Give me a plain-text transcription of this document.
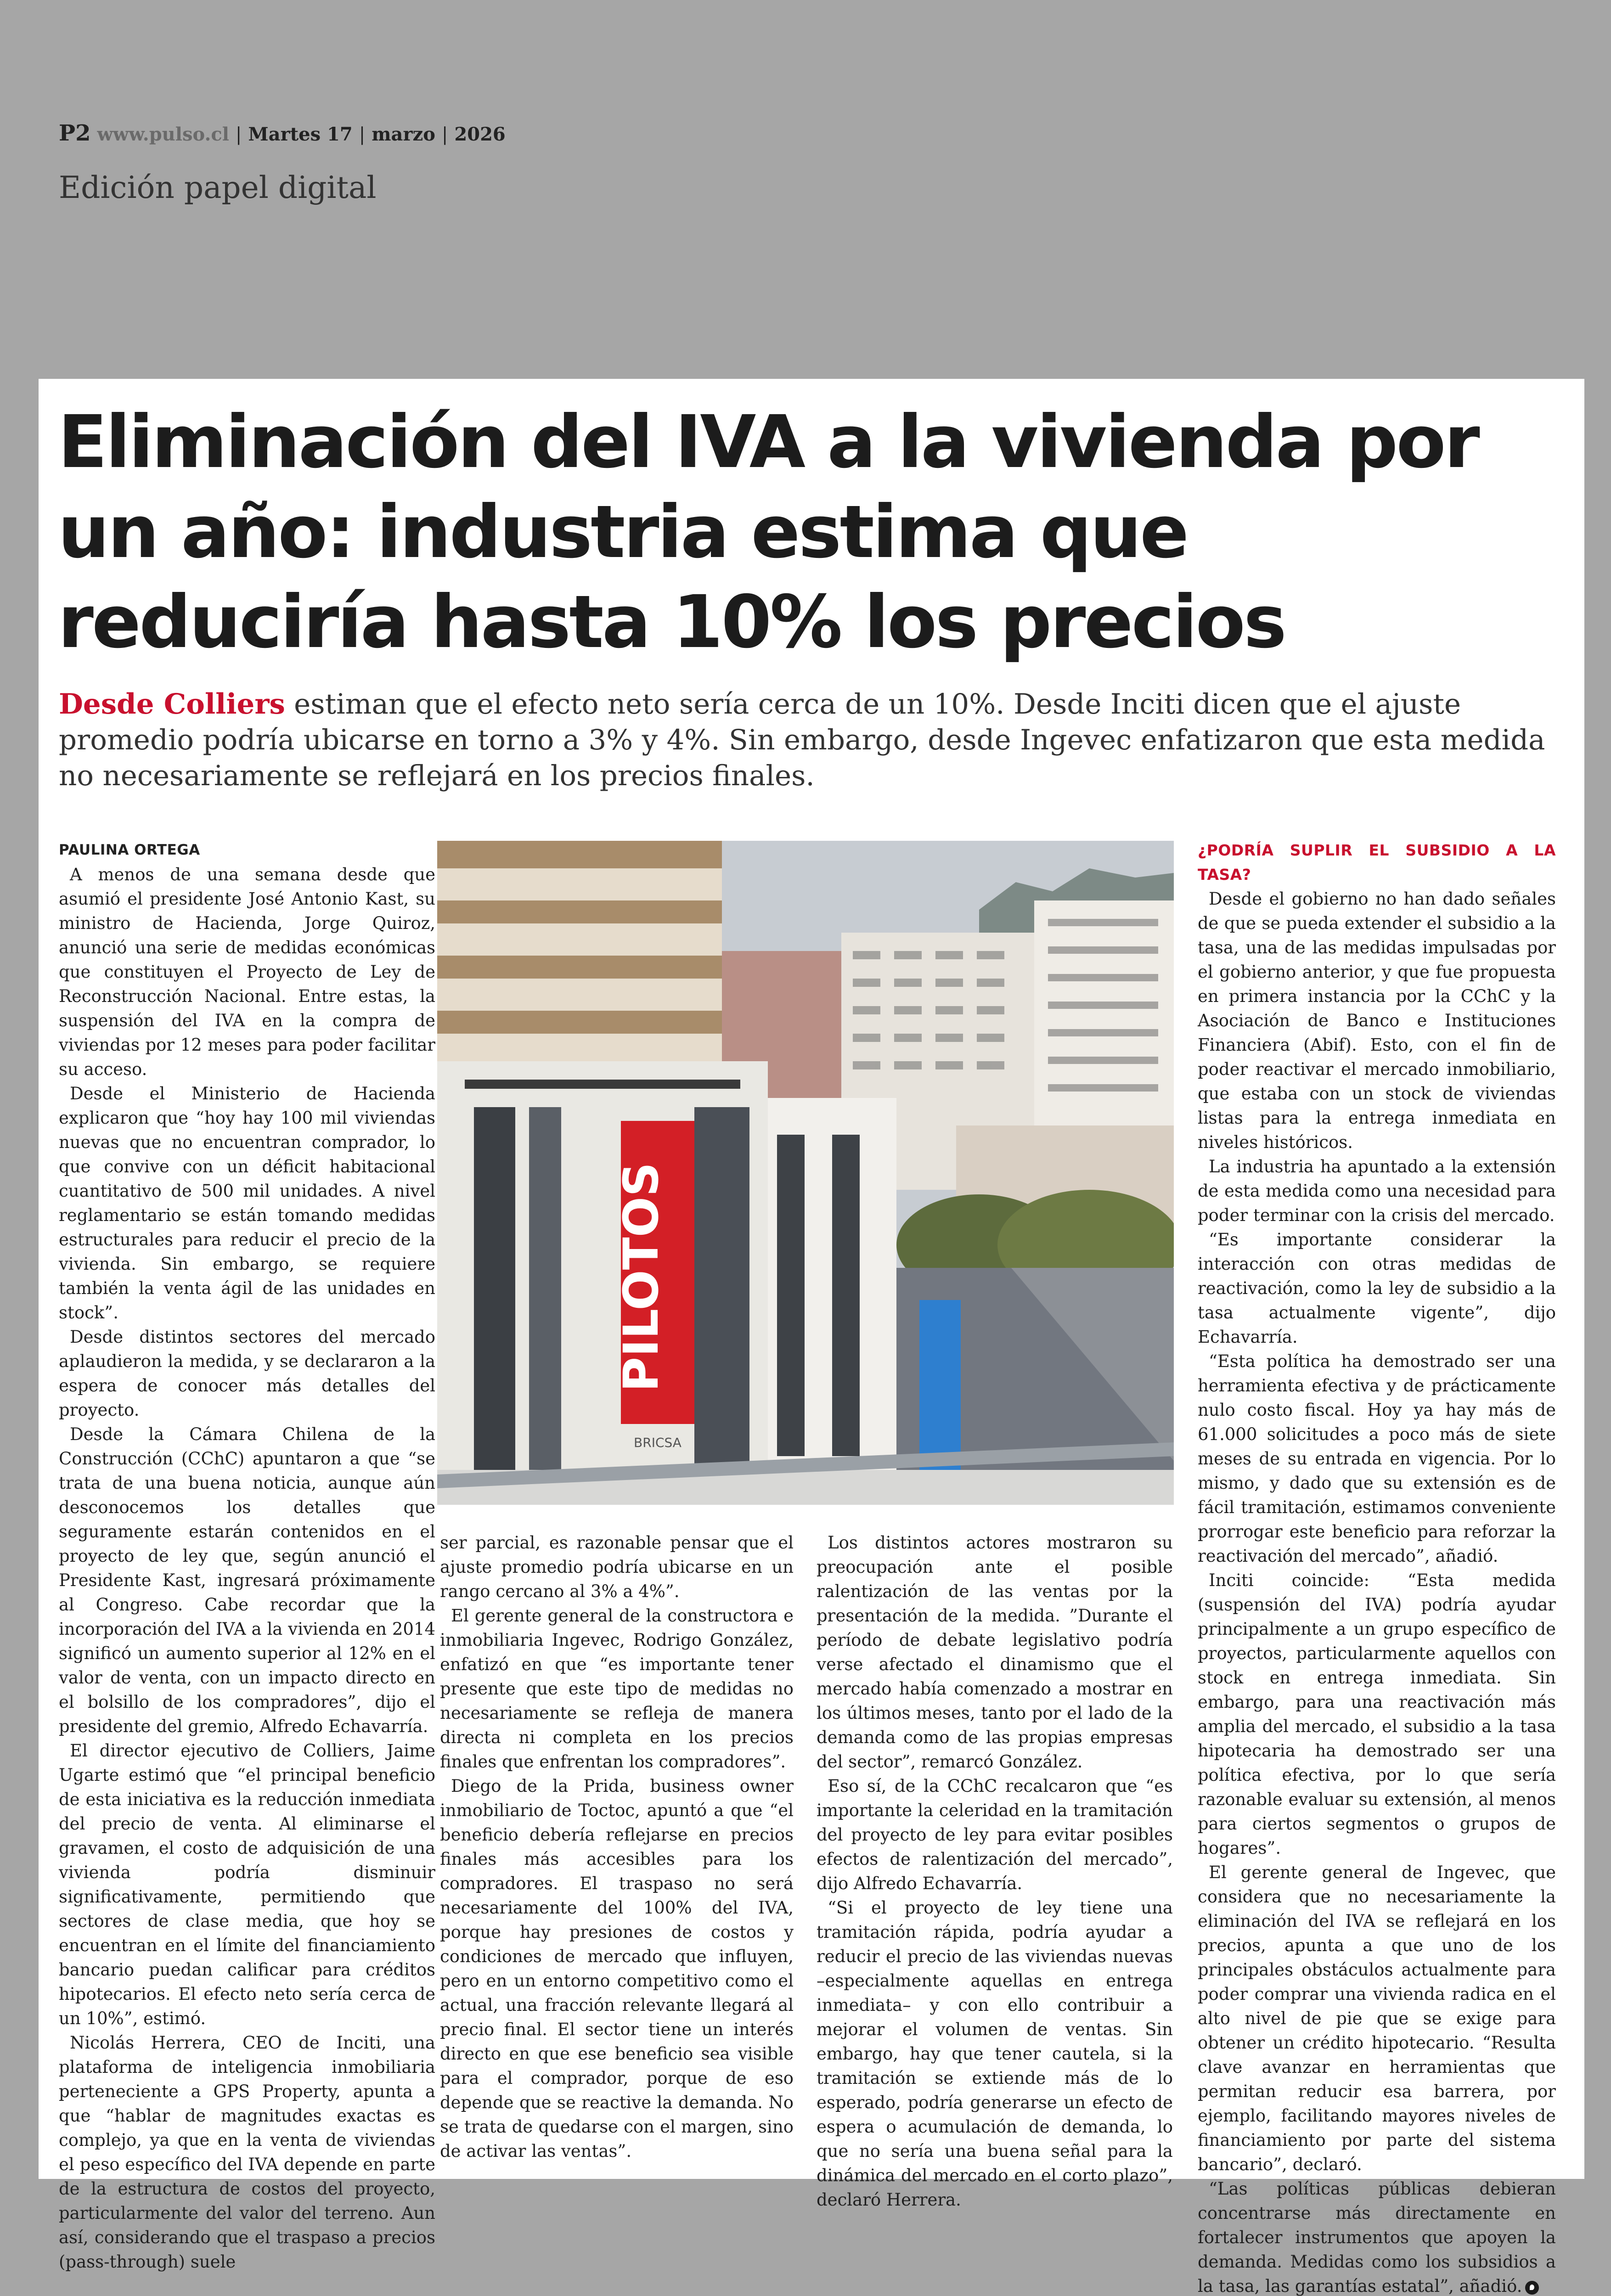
P2 www.pulso.cl | Martes 17 | marzo | 2026
Edición papel digital
Eliminación del IVA a la vivienda por un año: industria estima que reduciría hasta 10% los precios

Desde Colliers estiman que el efecto neto sería cerca de un 10%. Desde Inciti dicen que el ajuste promedio podría ubicarse en torno a 3% y 4%. Sin embargo, desde Ingevec enfatizaron que esta medida no necesariamente se reflejará en los precios finales.

PAULINA ORTEGA

A menos de una semana desde que asumió el presidente José Antonio Kast, su ministro de Hacienda, Jorge Quiroz, anunció una serie de medidas económicas que constituyen el Proyecto de Ley de Reconstrucción Nacional. Entre estas, la suspensión del IVA en la compra de viviendas por 12 meses para poder facilitar su acceso.

Desde el Ministerio de Hacienda explicaron que “hoy hay 100 mil viviendas nuevas que no encuentran comprador, lo que convive con un déficit habitacional cuantitativo de 500 mil unidades. A nivel reglamentario se están tomando medidas estructurales para reducir el precio de la vivienda. Sin embargo, se requiere también la venta ágil de las unidades en stock”.

Desde distintos sectores del mercado aplaudieron la medida, y se declararon a la espera de conocer más detalles del proyecto.

Desde la Cámara Chilena de la Construcción (CChC) apuntaron a que “se trata de una buena noticia, aunque aún desconocemos los detalles que seguramente estarán contenidos en el proyecto de ley que, según anunció el Presidente Kast, ingresará próximamente al Congreso. Cabe recordar que la incorporación del IVA a la vivienda en 2014 significó un aumento superior al 12% en el valor de venta, con un impacto directo en el bolsillo de los compradores”, dijo el presidente del gremio, Alfredo Echavarría.

El director ejecutivo de Colliers, Jaime Ugarte estimó que “el principal beneficio de esta iniciativa es la reducción inmediata del precio de venta. Al eliminarse el gravamen, el costo de adquisición de una vivienda podría disminuir significativamente, permitiendo que sectores de clase media, que hoy se encuentran en el límite del financiamiento bancario puedan calificar para créditos hipotecarios. El efecto neto sería cerca de un 10%”, estimó.

Nicolás Herrera, CEO de Inciti, una plataforma de inteligencia inmobiliaria perteneciente a GPS Property, apunta a que “hablar de magnitudes exactas es complejo, ya que en la venta de viviendas el peso específico del IVA depende en parte de la estructura de costos del proyecto, particularmente del valor del terreno. Aun así, considerando que el traspaso a precios (pass-through) suele

PILOTOS
BRICSA

ser parcial, es razonable pensar que el ajuste promedio podría ubicarse en un rango cercano al 3% a 4%”.

El gerente general de la constructora e inmobiliaria Ingevec, Rodrigo González, enfatizó en que “es importante tener presente que este tipo de medidas no necesariamente se refleja de manera directa ni completa en los precios finales que enfrentan los compradores”.

Diego de la Prida, business owner inmobiliario de Toctoc, apuntó a que “el beneficio debería reflejarse en precios finales más accesibles para los compradores. El traspaso no será necesariamente del 100% del IVA, porque hay presiones de costos y condiciones de mercado que influyen, pero en un entorno competitivo como el actual, una fracción relevante llegará al precio final. El sector tiene un interés directo en que ese beneficio sea visible para el comprador, porque de eso depende que se reactive la demanda. No se trata de quedarse con el margen, sino de activar las ventas”.

Los distintos actores mostraron su preocupación ante el posible ralentización de las ventas por la presentación de la medida. ”Durante el período de debate legislativo podría verse afectado el dinamismo que el mercado había comenzado a mostrar en los últimos meses, tanto por el lado de la demanda como de las propias empresas del sector”, remarcó González.

Eso sí, de la CChC recalcaron que “es importante la celeridad en la tramitación del proyecto de ley para evitar posibles efectos de ralentización del mercado”, dijo Alfredo Echavarría.

“Si el proyecto de ley tiene una tramitación rápida, podría ayudar a reducir el precio de las viviendas nuevas –especialmente aquellas en entrega inmediata– y con ello contribuir a mejorar el volumen de ventas. Sin embargo, hay que tener cautela, si la tramitación se extiende más de lo esperado, podría generarse un efecto de espera o acumulación de demanda, lo que no sería una buena señal para la dinámica del mercado en el corto plazo”, declaró Herrera.

¿PODRÍA SUPLIR EL SUBSIDIO A LA TASA?

Desde el gobierno no han dado señales de que se pueda extender el subsidio a la tasa, una de las medidas impulsadas por el gobierno anterior, y que fue propuesta en primera instancia por la CChC y la Asociación de Banco e Instituciones Financiera (Abif). Esto, con el fin de poder reactivar el mercado inmobiliario, que estaba con un stock de viviendas listas para la entrega inmediata en niveles históricos.

La industria ha apuntado a la extensión de esta medida como una necesidad para poder terminar con la crisis del mercado.

“Es importante considerar la interacción con otras medidas de reactivación, como la ley de subsidio a la tasa actualmente vigente”, dijo Echavarría.

“Esta política ha demostrado ser una herramienta efectiva y de prácticamente nulo costo fiscal. Hoy ya hay más de 61.000 solicitudes a poco más de siete meses de su entrada en vigencia. Por lo mismo, y dado que su extensión es de fácil tramitación, estimamos conveniente prorrogar este beneficio para reforzar la reactivación del mercado”, añadió.

Inciti coincide: “Esta medida (suspensión del IVA) podría ayudar principalmente a un grupo específico de proyectos, particularmente aquellos con stock en entrega inmediata. Sin embargo, para una reactivación más amplia del mercado, el subsidio a la tasa hipotecaria ha demostrado ser una política efectiva, por lo que sería razonable evaluar su extensión, al menos para ciertos segmentos o grupos de hogares”.

El gerente general de Ingevec, que considera que no necesariamente la eliminación del IVA se reflejará en los precios, apunta a que uno de los principales obstáculos actualmente para poder comprar una vivienda radica en el alto nivel de pie que se exige para obtener un crédito hipotecario. “Resulta clave avanzar en herramientas que permitan reducir esa barrera, por ejemplo, facilitando mayores niveles de financiamiento por parte del sistema bancario”, declaró.

“Las políticas públicas debieran concentrarse más directamente en fortalecer instrumentos que apoyen la demanda. Medidas como los subsidios a la tasa, las garantías estatal”, añadió.
